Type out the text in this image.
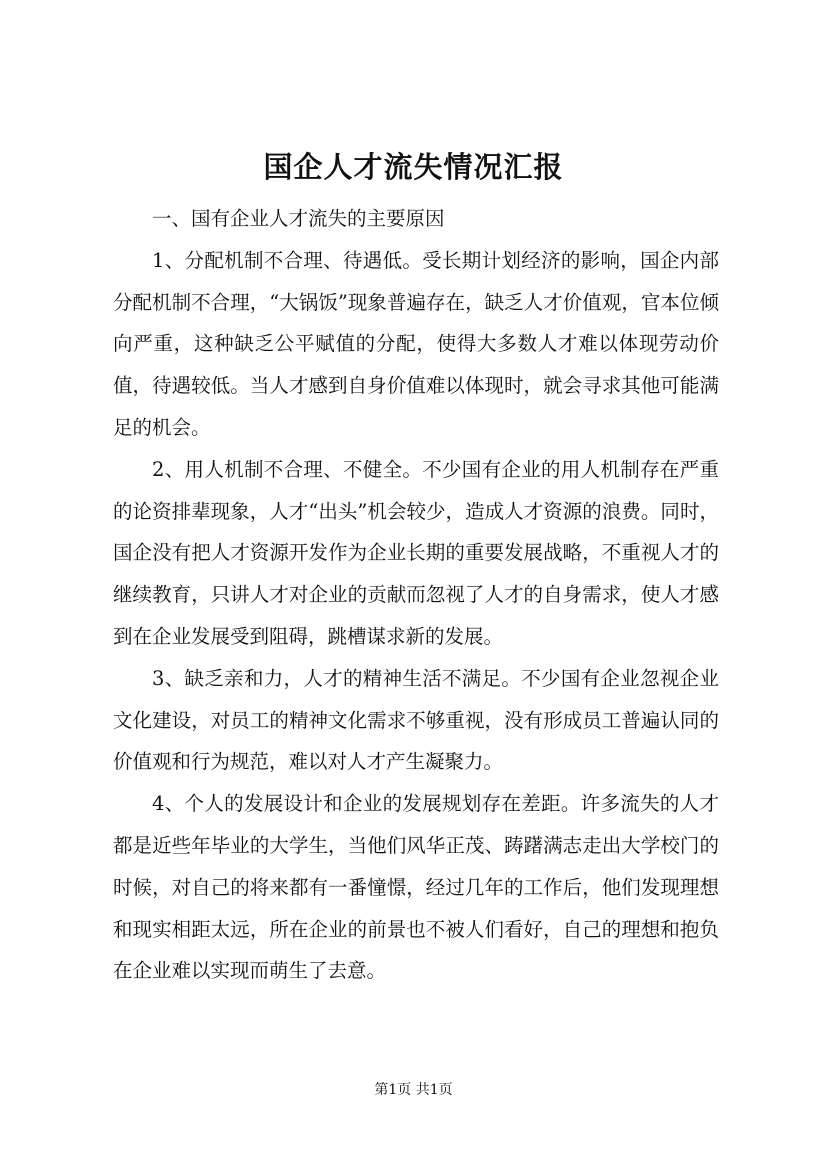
国企人才流失情况汇报

一、国有企业人才流失的主要原因

1、分配机制不合理、待遇低。受长期计划经济的影响，国企内部分配机制不合理，“大锅饭”现象普遍存在，缺乏人才价值观，官本位倾向严重，这种缺乏公平赋值的分配，使得大多数人才难以体现劳动价值，待遇较低。当人才感到自身价值难以体现时，就会寻求其他可能满足的机会。

2、用人机制不合理、不健全。不少国有企业的用人机制存在严重的论资排辈现象，人才“出头”机会较少，造成人才资源的浪费。同时，国企没有把人才资源开发作为企业长期的重要发展战略，不重视人才的继续教育，只讲人才对企业的贡献而忽视了人才的自身需求，使人才感到在企业发展受到阻碍，跳槽谋求新的发展。

3、缺乏亲和力，人才的精神生活不满足。不少国有企业忽视企业文化建设，对员工的精神文化需求不够重视，没有形成员工普遍认同的价值观和行为规范，难以对人才产生凝聚力。

4、个人的发展设计和企业的发展规划存在差距。许多流失的人才都是近些年毕业的大学生，当他们风华正茂、踌躇满志走出大学校门的时候，对自己的将来都有一番憧憬，经过几年的工作后，他们发现理想和现实相距太远，所在企业的前景也不被人们看好，自己的理想和抱负在企业难以实现而萌生了去意。

第1页 共1页
